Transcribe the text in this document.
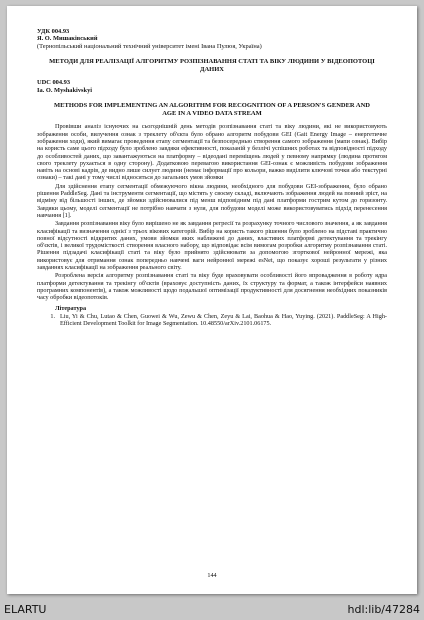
УДК 004.93
Я. О. Мишаківський
(Тернопільський національний технічний університет імені Івана Пулюя, Україна)
МЕТОДИ ДЛЯ РЕАЛІЗАЦІЇ АЛГОРИТМУ РОЗПІЗНАВАННЯ СТАТІ ТА ВІКУ ЛЮДИНИ У ВІДЕОПОТОЦІ ДАНИХ
UDC 004.93
Ia. O. Myshakivskyi
METHODS FOR IMPLEMENTING AN ALGORITHM FOR RECOGNITION OF A PERSON'S GENDER AND AGE IN A VIDEO DATA STREAM

Провівши аналіз існуючих на сьогоднішній день методів розпізнавання статі та віку людини, які не використовують зображення особи, вилучення ознак з треклету об'єкта було обрано алгоритм побудови GEI (Gait Energy Image – енергетичне зображення ходи), який вимагає проведення етапу сегментації та безпосереднью створення самого зображення (мапи ознак). Вибір на користь саме цього підходу було зроблено завдяки ефективності, показаній у безлічі успішних роботах та відповідності підходу до особливостей даних, що завантажуються на платформу – відеодані переміщень людей у певному напрямку (людина протягом свого треклету рухається в одну сторону). Додатковою перевагою використання GEI-ознак є можливість побудови зображення навіть на основі кадрів, де видно лише силует людини (немає інформації про кольори, важко виділити ключові точки або текстурні ознаки) – такі дані у тому числі відносяться до загальних умов зйомки

Для здійснення етапу сегментації обмежуючого вікна людини, необхідного для побудови GEI-зображення, було обрано рішення PaddleSeg. Дані та інструменти сегментації, що містять у своєму складі, включають зображення людей на повний зріст, на відміну від більшості інших, де зйомки здійснювалися під менш відповідним під дані платформи гострим кутом до горизонту. Завдяки цьому, моделі сегментації не потрібно навчати з нуля, для побудови моделі може використовуватись підхід перенесення навчання [1].

Завдання розпізнавання віку було вирішено не як завдання регресії та розрахунку точного числового значення, а як завдання класифікації та визначення однієї з трьох вікових категорій. Вибір на користь такого рішення було зроблено на підставі практично повної відсутності відкритих даних, умови зйомки яких наближені до даних, властивих платформі детектування та трекінгу об'єктів, і великої трудомісткості створення власного набору, що відповідає всім вимогам розробки алгоритму розпізнавання статі. Рішення підзадачі класифікації статі та віку було прийнято здійснювати за допомогою згорткової нейронної мережі, яка використовує для отримання ознак попередньо навчені ваги нейронної мережі esNet, що показує хороші результати у різних завданнях класифікації на зображення реального світу.

Розроблена версія алгоритму розпізнавання статі та віку буде враховувати особливості його впровадження в роботу ядра платформи детектування та трекінгу об'єктів (враховує доступність даних, їх структуру та формат, а також інтерфейси наявних програмних компонентів), а також можливості щодо подальшої оптимізації продуктивності для досягнення необхідних показників часу обробки відеопотоків.

Література
1. Liu, Yi & Chu, Lutao & Chen, Guowei & Wu, Zewu & Chen, Zeyu & Lai, Baohua & Hao, Yuying. (2021). PaddleSeg: A High-Efficient Development Toolkit for Image Segmentation. 10.48550/arXiv.2101.06175.
144
ELARTU	hdl:lib/47284
